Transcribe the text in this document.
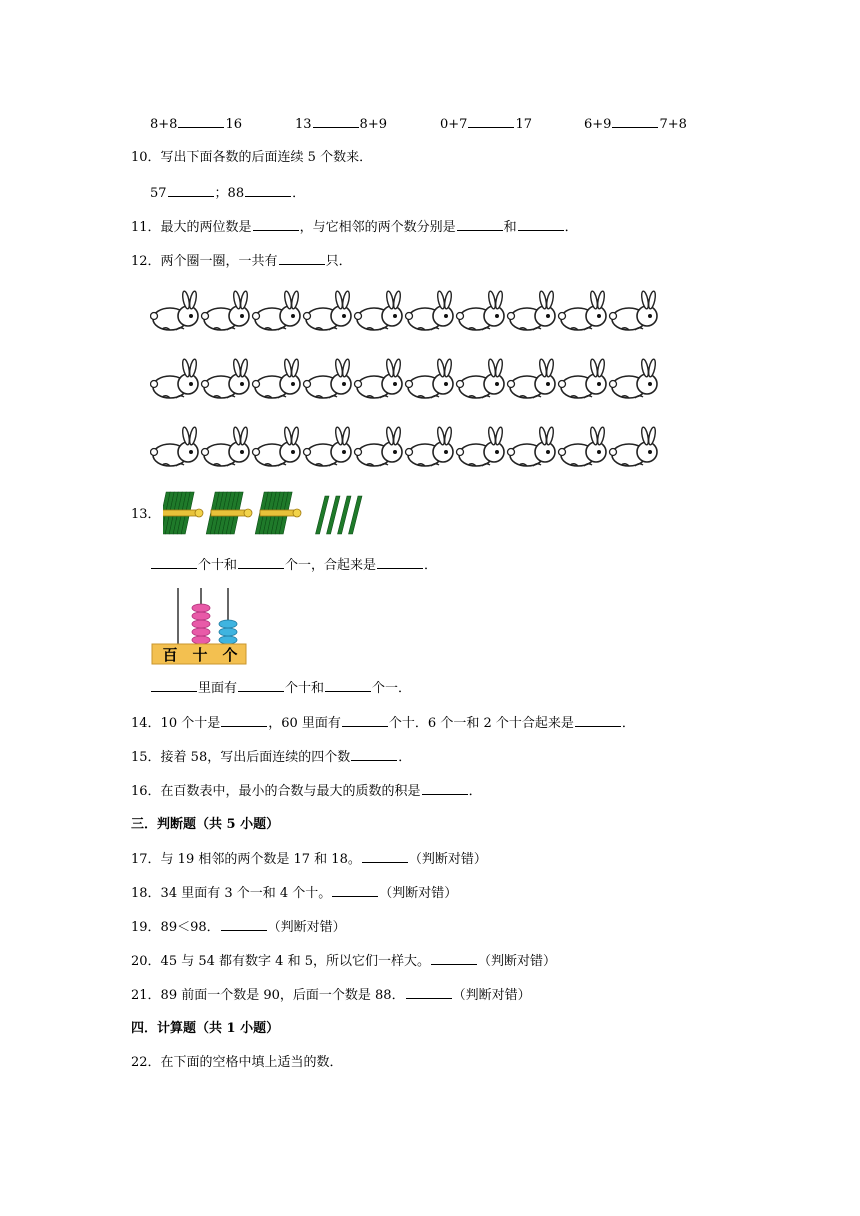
8+8	16	13	8+9	0+7	17	6+9	7+8
10．写出下面各数的后面连续 5 个数来．
57	；88	．
11．最大的两位数是	，与它相邻的两个数分别是	和	．
12．两个圈一圈，一共有	只．
13．
个十和	个一，合起来是	．
百 十 个
里面有	个十和	个一．
14．10 个十是	，60 里面有	个十．6 个一和 2 个十合起来是	．
15．接着 58，写出后面连续的四个数	．
16．在百数表中，最小的合数与最大的质数的积是	．
三．判断题（共 5 小题）
17．与 19 相邻的两个数是 17 和 18。	（判断对错）
18．34 里面有 3 个一和 4 个十。	（判断对错）
19．89＜98．	（判断对错）
20．45 与 54 都有数字 4 和 5，所以它们一样大。	（判断对错）
21．89 前面一个数是 90，后面一个数是 88．	（判断对错）
四．计算题（共 1 小题）
22．在下面的空格中填上适当的数．
